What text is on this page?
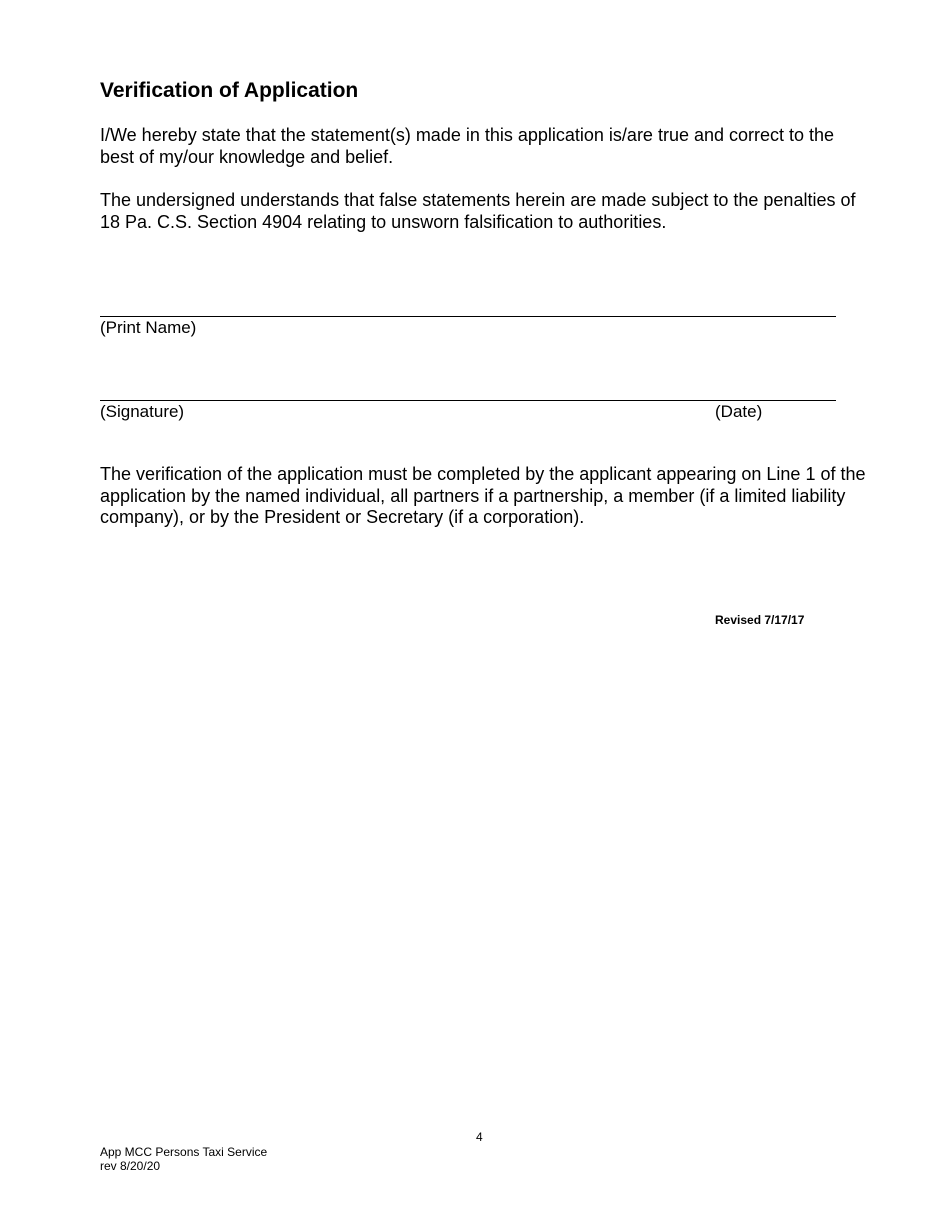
Verification of Application

I/We hereby state that the statement(s) made in this application is/are true and correct to the best of my/our knowledge and belief.

The undersigned understands that false statements herein are made subject to the penalties of 18 Pa. C.S. Section 4904 relating to unsworn falsification to authorities.

(Print Name)
(Signature)	(Date)

The verification of the application must be completed by the applicant appearing on Line 1 of the application by the named individual, all partners if a partnership, a member (if a limited liability company), or by the President or Secretary (if a corporation).

Revised 7/17/17
4
App MCC Persons Taxi Service
rev 8/20/20
